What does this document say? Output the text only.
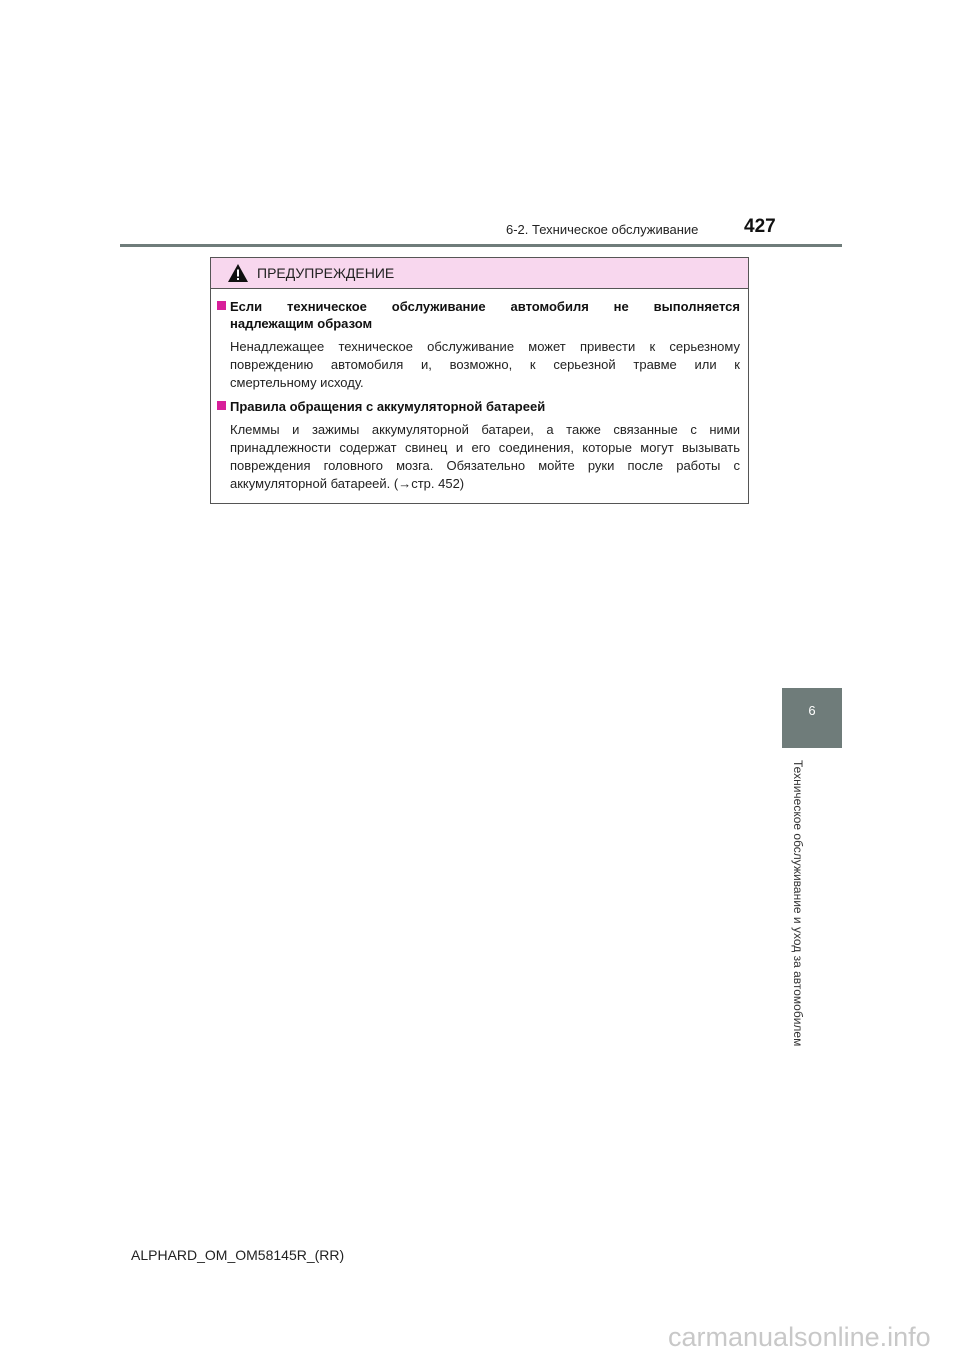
6-2. Техническое обслуживание 427
ПРЕДУПРЕЖДЕНИЕ
Если техническое обслуживание автомобиля не выполняется
надлежащим образом
Ненадлежащее техническое обслуживание может привести к серьезному
повреждению автомобиля и, возможно, к серьезной травме или к
смертельному исходу.
Правила обращения с аккумуляторной батареей
Клеммы и зажимы аккумуляторной батареи, а также связанные с ними
принадлежности содержат свинец и его соединения, которые могут вызывать
повреждения головного мозга. Обязательно мойте руки после работы с
аккумуляторной батареей. (→стр. 452)
6
Техническое обслуживание и уход за автомобилем
ALPHARD_OM_OM58145R_(RR)
carmanualsonline.info
